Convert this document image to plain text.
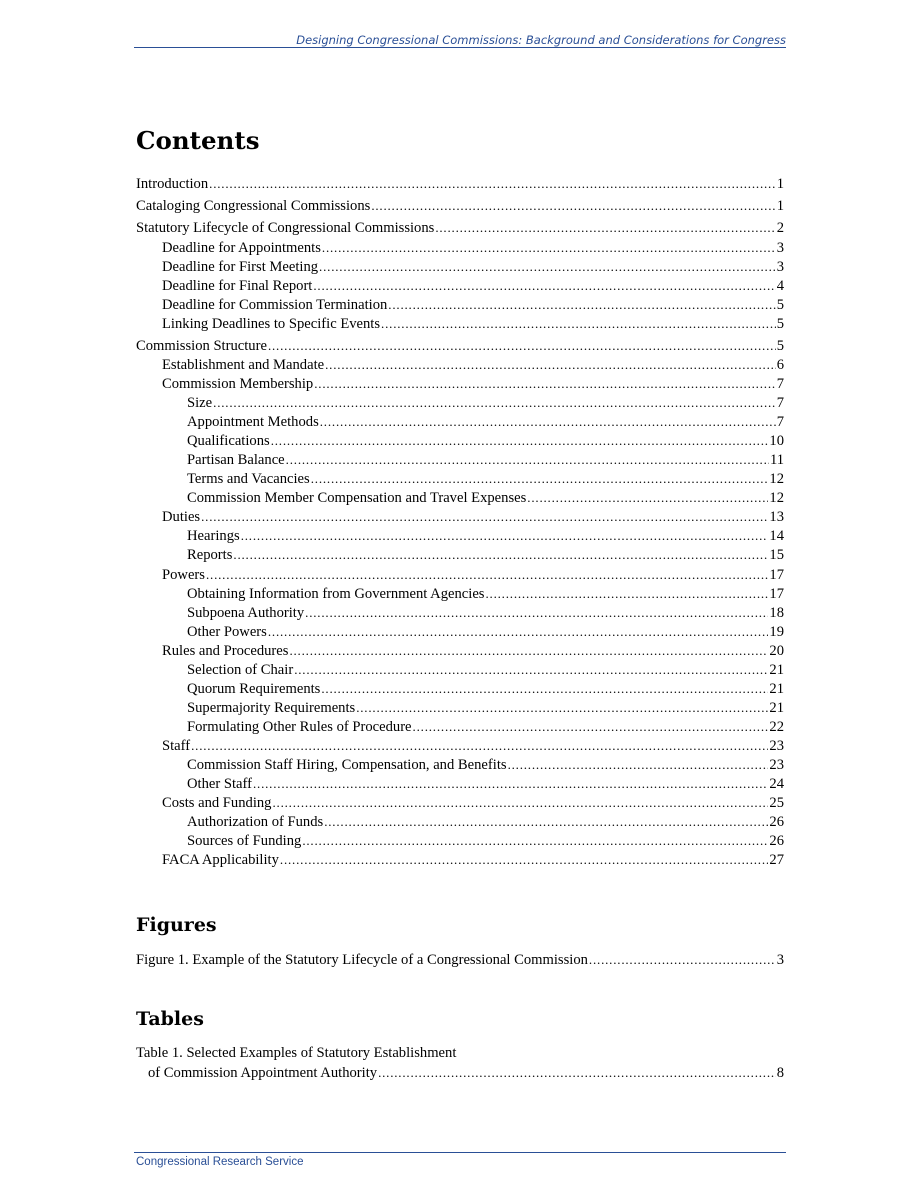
Designing Congressional Commissions: Background and Considerations for Congress
Contents
Introduction .....	1
Cataloging Congressional Commissions .....	1
Statutory Lifecycle of Congressional Commissions .....	2
Deadline for Appointments .....	3
Deadline for First Meeting .....	3
Deadline for Final Report .....	4
Deadline for Commission Termination .....	5
Linking Deadlines to Specific Events .....	5
Commission Structure .....	5
Establishment and Mandate .....	6
Commission Membership .....	7
Size .....	7
Appointment Methods .....	7
Qualifications .....	10
Partisan Balance .....	11
Terms and Vacancies .....	12
Commission Member Compensation and Travel Expenses .....	12
Duties .....	13
Hearings .....	14
Reports .....	15
Powers .....	17
Obtaining Information from Government Agencies .....	17
Subpoena Authority .....	18
Other Powers .....	19
Rules and Procedures .....	20
Selection of Chair .....	21
Quorum Requirements .....	21
Supermajority Requirements .....	21
Formulating Other Rules of Procedure .....	22
Staff .....	23
Commission Staff Hiring, Compensation, and Benefits .....	23
Other Staff .....	24
Costs and Funding .....	25
Authorization of Funds .....	26
Sources of Funding .....	26
FACA Applicability .....	27
Figures
Figure 1. Example of the Statutory Lifecycle of a Congressional Commission .....	3
Tables
Table 1. Selected Examples of Statutory Establishment
of Commission Appointment Authority .....	8
Congressional Research Service
